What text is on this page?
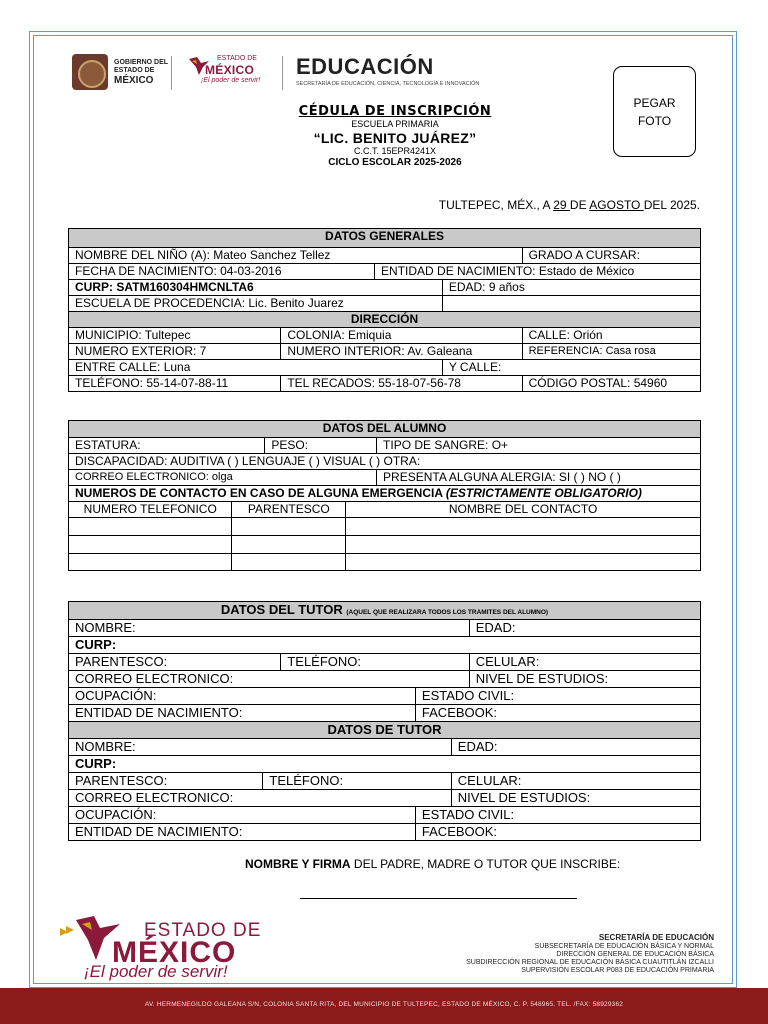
GOBIERNO DEL
ESTADO DE
MÉXICO
ESTADO DE
MÉXICO
¡El poder de servir!
EDUCACIÓN
SECRETARÍA DE EDUCACIÓN, CIENCIA, TECNOLOGÍA E INNOVACIÓN
PEGAR
FOTO
CÉDULA DE INSCRIPCIÓN
ESCUELA PRIMARIA
“LIC. BENITO JUÁREZ”
C.C.T. 15EPR4241X
CICLO ESCOLAR 2025-2026
TULTEPEC, MÉX., A 29 DE AGOSTO DEL 2025.
DATOS GENERALES
NOMBRE DEL NIÑO (A): Mateo Sanchez Tellez	GRADO A CURSAR:
FECHA DE NACIMIENTO: 04-03-2016	ENTIDAD DE NACIMIENTO: Estado de México
CURP: SATM160304HMCNLTA6	EDAD: 9 años
ESCUELA DE PROCEDENCIA: Lic. Benito Juarez
DIRECCIÓN
MUNICIPIO: Tultepec	COLONIA: Emiquia	CALLE: Orión
NUMERO EXTERIOR: 7	NUMERO INTERIOR: Av. Galeana	REFERENCIA: Casa rosa
ENTRE CALLE: Luna	Y CALLE:
TELÉFONO: 55-14-07-88-11	TEL RECADOS: 55-18-07-56-78	CÓDIGO POSTAL: 54960
DATOS DEL ALUMNO
ESTATURA:	PESO:	TIPO DE SANGRE: O+
DISCAPACIDAD: AUDITIVA ( ) LENGUAJE ( ) VISUAL ( ) OTRA:
CORREO ELECTRONICO: olga	PRESENTA ALGUNA ALERGIA: SI ( ) NO ( )
NUMEROS DE CONTACTO EN CASO DE ALGUNA EMERGENCIA (ESTRICTAMENTE OBLIGATORIO)
NUMERO TELEFONICO	PARENTESCO	NOMBRE DEL CONTACTO
DATOS DEL TUTOR (AQUEL QUE REALIZARA TODOS LOS TRAMITES DEL ALUMNO)
NOMBRE:	EDAD:
CURP:
PARENTESCO:	TELÉFONO:	CELULAR:
CORREO ELECTRONICO:	NIVEL DE ESTUDIOS:
OCUPACIÓN:	ESTADO CIVIL:
ENTIDAD DE NACIMIENTO:	FACEBOOK:
DATOS DE TUTOR
NOMBRE:	EDAD:
CURP:
PARENTESCO:	TELÉFONO:	CELULAR:
CORREO ELECTRONICO:	NIVEL DE ESTUDIOS:
OCUPACIÓN:	ESTADO CIVIL:
ENTIDAD DE NACIMIENTO:	FACEBOOK:
NOMBRE Y FIRMA DEL PADRE, MADRE O TUTOR QUE INSCRIBE:
ESTADO DE
MÉXICO
¡El poder de servir!
SECRETARÍA DE EDUCACIÓN
SUBSECRETARÍA DE EDUCACIÓN BÁSICA Y NORMAL
DIRECCIÓN GENERAL DE EDUCACIÓN BÁSICA
SUBDIRECCIÓN REGIONAL DE EDUCACIÓN BÁSICA CUAUTITLÁN IZCALLI
SUPERVISIÓN ESCOLAR P083 DE EDUCACIÓN PRIMARIA
AV. HERMENEGILDO GALEANA S/N, COLONIA SANTA RITA, DEL MUNICIPIO DE TULTEPEC, ESTADO DE MÉXICO, C. P. 548965. TEL. /FAX: 58929362
